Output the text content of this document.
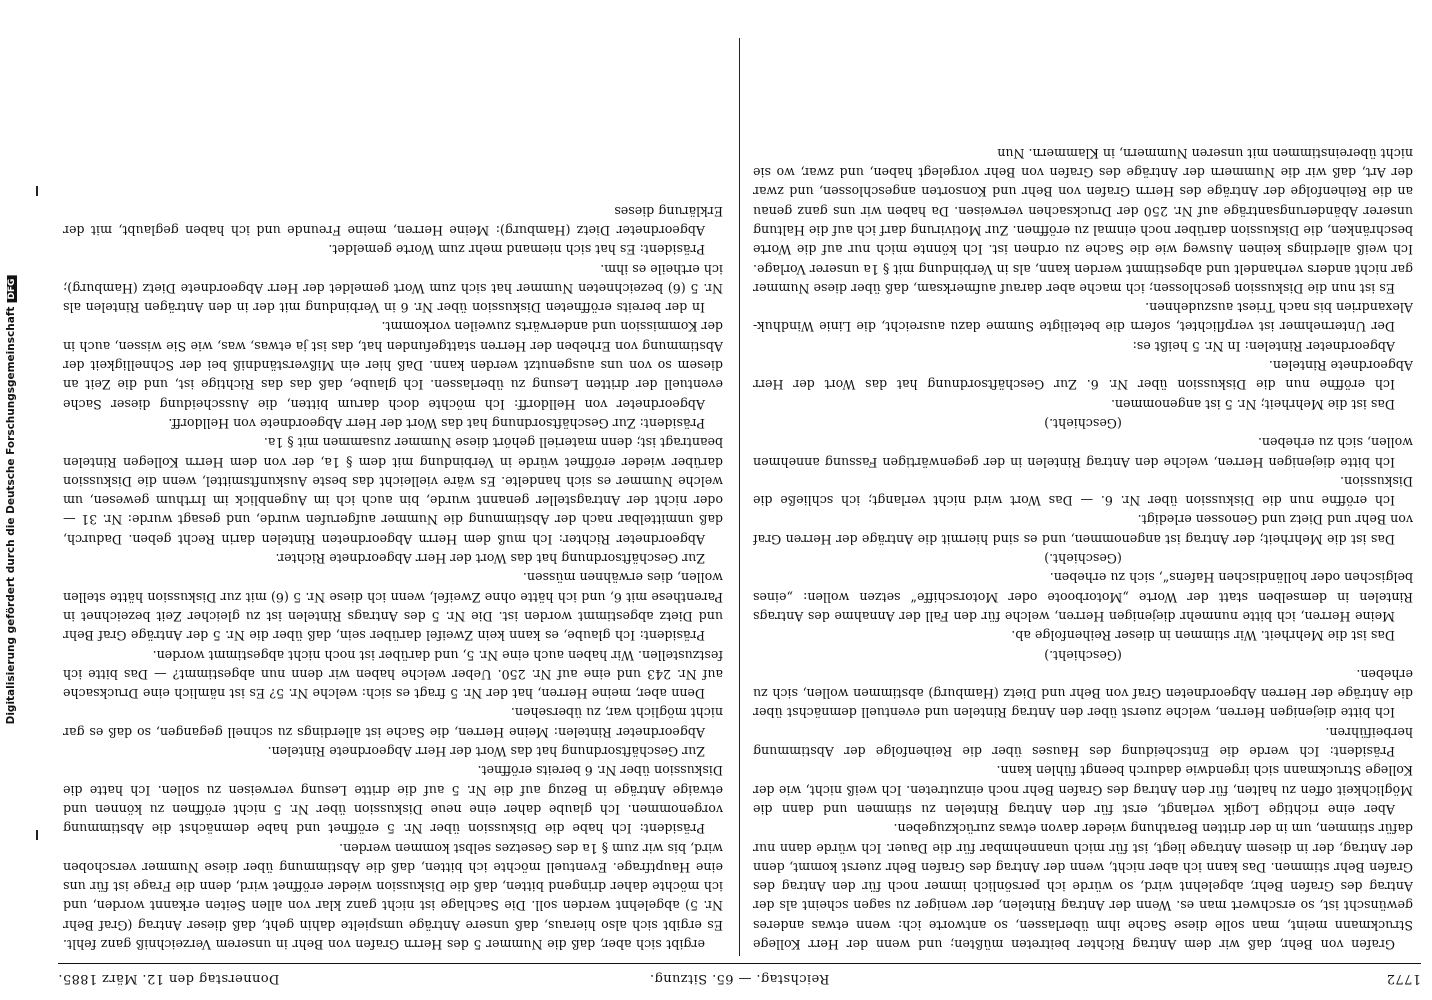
Digitalisierung gefördert durch die Deutsche ForschungsgemeinschaftDFG
1772
Reichstag. — 65. Sitzung.
Donnerstag den 12. März 1885.

Grafen von Behr, daß wir dem Antrag Richter beitreten müßten; und wenn der Herr Kollege Struckmann meint, man solle diese Sache ihm überlassen, so antworte ich: wenn etwas anderes gewünscht ist, so erschwert man es. Wenn der Antrag Rintelen, der weniger zu sagen scheint als der Antrag des Grafen Behr, abgelehnt wird, so würde ich persönlich immer noch für den Antrag des Grafen Behr stimmen. Das kann ich aber nicht, wenn der Antrag des Grafen Behr zuerst kommt, denn der Antrag, der in diesem Antrage liegt, ist für mich unannehmbar für die Dauer. Ich würde dann nur dafür stimmen, um in der dritten Berathung wieder davon etwas zurückzugeben.

Aber eine richtige Logik verlangt, erst für den Antrag Rintelen zu stimmen und dann die Möglichkeit offen zu halten, für den Antrag des Grafen Behr noch einzutreten. Ich weiß nicht, wie der Kollege Struckmann sich irgendwie dadurch beengt fühlen kann.

Präsident: Ich werde die Entscheidung des Hauses über die Reihenfolge der Abstimmung herbeiführen.

Ich bitte diejenigen Herren, welche zuerst über den Antrag Rintelen und eventuell demnächst über die Anträge der Herren Abgeordneten Graf von Behr und Dietz (Hamburg) abstimmen wollen, sich zu erheben.

(Geschieht.)

Das ist die Mehrheit. Wir stimmen in dieser Reihenfolge ab.

Meine Herren, ich bitte nunmehr diejenigen Herren, welche für den Fall der Annahme des Antrags Rintelen in demselben statt der Worte „Motorboote oder Motorschiffe“ setzen wollen: „eines belgischen oder holländischen Hafens“, sich zu erheben.

(Geschieht.)

Das ist die Mehrheit; der Antrag ist angenommen, und es sind hiermit die Anträge der Herren Graf von Behr und Dietz und Genossen erledigt.

Ich eröffne nun die Diskussion über Nr. 6. — Das Wort wird nicht verlangt; ich schließe die Diskussion.

Ich bitte diejenigen Herren, welche den Antrag Rintelen in der gegenwärtigen Fassung annehmen wollen, sich zu erheben.

(Geschieht.)

Das ist die Mehrheit; Nr. 5 ist angenommen.

Ich eröffne nun die Diskussion über Nr. 6. Zur Geschäftsordnung hat das Wort der Herr Abgeordnete Rintelen.

Abgeordneter Rintelen: In Nr. 5 heißt es:

Der Unternehmer ist verpflichtet, sofern die beteiligte Summe dazu ausreicht, die Linie Windhuk-Alexandrien bis nach Triest auszudehnen.

Es ist nun die Diskussion geschlossen; ich mache aber darauf aufmerksam, daß über diese Nummer gar nicht anders verhandelt und abgestimmt werden kann, als in Verbindung mit § 1a unserer Vorlage. Ich weiß allerdings keinen Ausweg wie die Sache zu ordnen ist. Ich könnte mich nur auf die Worte beschränken, die Diskussion darüber noch einmal zu eröffnen. Zur Motivirung darf ich auf die Haltung unserer Abänderungsanträge auf Nr. 250 der Drucksachen verweisen. Da haben wir uns ganz genau an die Reihenfolge der Anträge des Herrn Grafen von Behr und Konsorten angeschlossen, und zwar der Art, daß wir die Nummern der Anträge des Grafen von Behr vorgelegt haben, und zwar, wo sie nicht übereinstimmen mit unseren Nummern, in Klammern. Nun

ergibt sich aber, daß die Nummer 5 des Herrn Grafen von Behr in unserem Verzeichniß ganz fehlt. Es ergibt sich also hieraus, daß unsere Anträge umspielte dahin geht, daß dieser Antrag (Graf Behr Nr. 5) abgelehnt werden soll. Die Sachlage ist nicht ganz klar von allen Seiten erkannt worden, und ich möchte daher dringend bitten, daß die Diskussion wieder eröffnet wird, denn die Frage ist für uns eine Hauptfrage. Eventuell möchte ich bitten, daß die Abstimmung über diese Nummer verschoben wird, bis wir zum § 1a des Gesetzes selbst kommen werden.

Präsident: Ich habe die Diskussion über Nr. 5 eröffnet und habe demnächst die Abstimmung vorgenommen. Ich glaube daher eine neue Diskussion über Nr. 5 nicht eröffnen zu können und etwaige Anträge in Bezug auf die Nr. 5 auf die dritte Lesung verweisen zu sollen. Ich hatte die Diskussion über Nr. 6 bereits eröffnet.

Zur Geschäftsordnung hat das Wort der Herr Abgeordnete Rintelen.

Abgeordneter Rintelen: Meine Herren, die Sache ist allerdings zu schnell gegangen, so daß es gar nicht möglich war, zu übersehen.

Denn aber, meine Herren, hat der Nr. 5 fragt es sich: welche Nr. 5? Es ist nämlich eine Drucksache auf Nr. 243 und eine auf Nr. 250. Ueber welche haben wir denn nun abgestimmt? — Das bitte ich festzustellen. Wir haben auch eine Nr. 5, und darüber ist noch nicht abgestimmt worden.

Präsident: Ich glaube, es kann kein Zweifel darüber sein, daß über die Nr. 5 der Anträge Graf Behr und Dietz abgestimmt worden ist. Die Nr. 5 des Antrags Rintelen ist zu gleicher Zeit bezeichnet in Parenthese mit 6, und ich hätte ohne Zweifel, wenn ich diese Nr. 5 (6) mit zur Diskussion hätte stellen wollen, dies erwähnen müssen.

Zur Geschäftsordnung hat das Wort der Herr Abgeordnete Richter.

Abgeordneter Richter: Ich muß dem Herrn Abgeordneten Rintelen darin Recht geben. Dadurch, daß unmittelbar nach der Abstimmung die Nummer aufgerufen wurde, und gesagt wurde: Nr. 31 — oder nicht der Antragsteller genannt wurde, bin auch ich im Augenblick im Irrthum gewesen, um welche Nummer es sich handelte. Es wäre vielleicht das beste Auskunftsmittel, wenn die Diskussion darüber wieder eröffnet würde in Verbindung mit dem § 1a, der von dem Herrn Kollegen Rintelen beantragt ist; denn materiell gehört diese Nummer zusammen mit § 1a.

Präsident: Zur Geschäftsordnung hat das Wort der Herr Abgeordnete von Helldorff.

Abgeordneter von Helldorff: Ich möchte doch darum bitten, die Ausscheidung dieser Sache eventuell der dritten Lesung zu überlassen. Ich glaube, daß das das Richtige ist, und die Zeit an diesem so von uns ausgenutzt werden kann. Daß hier ein Mißverständniß bei der Schnelligkeit der Abstimmung von Erheben der Herren stattgefunden hat, das ist ja etwas, was, wie Sie wissen, auch in der Kommission und anderwärts zuweilen vorkommt.

In der bereits eröffneten Diskussion über Nr. 6 in Verbindung mit der in den Anträgen Rintelen als Nr. 5 (6) bezeichneten Nummer hat sich zum Wort gemeldet der Herr Abgeordnete Dietz (Hamburg); ich ertheile es ihm.

Präsident: Es hat sich niemand mehr zum Worte gemeldet.

Abgeordneter Dietz (Hamburg): Meine Herren, meine Freunde und ich haben geglaubt, mit der Erklärung dieses
